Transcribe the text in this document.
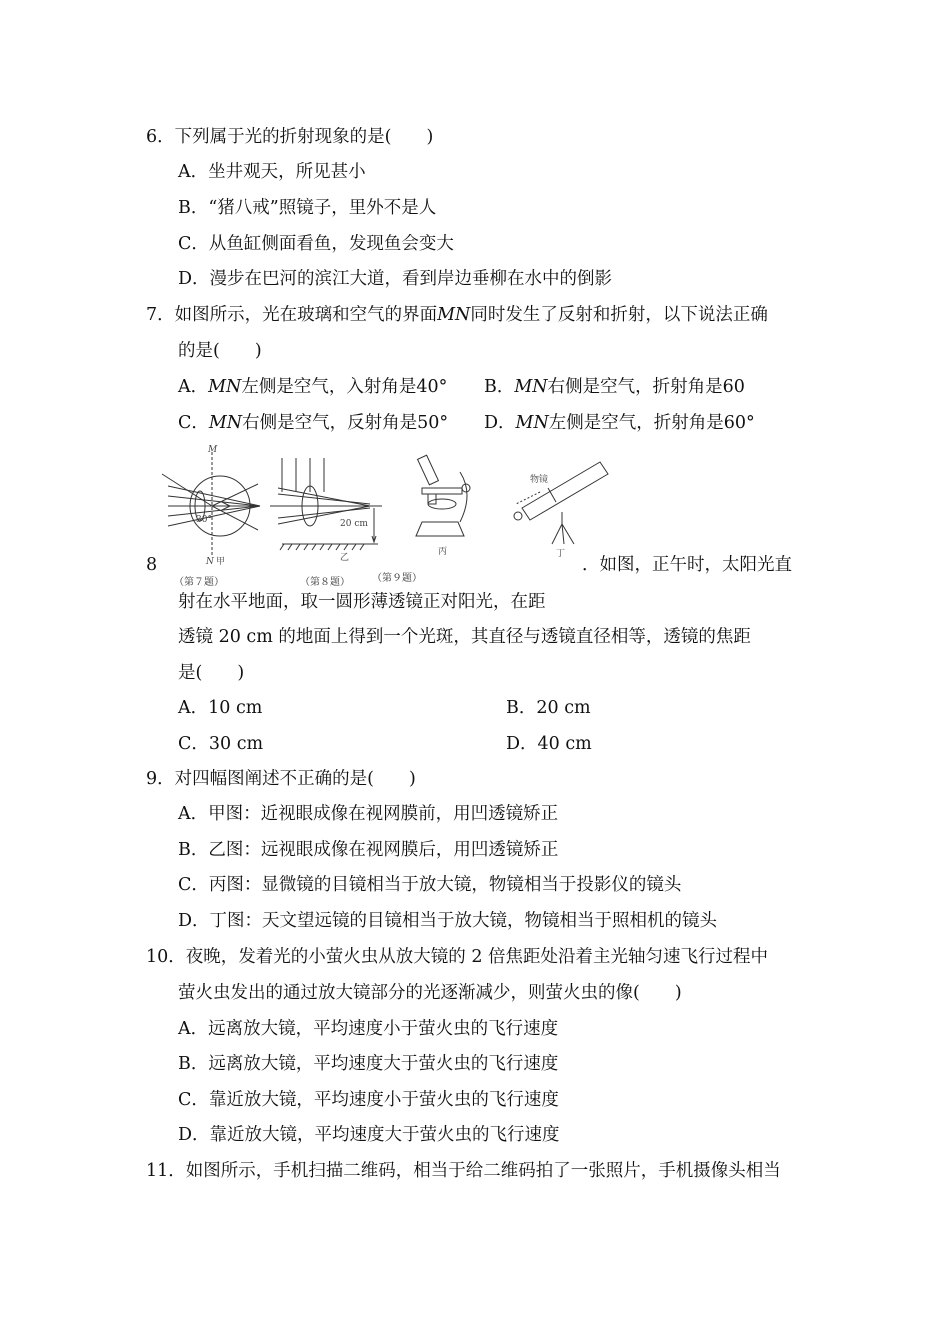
6．下列属于光的折射现象的是(　　)
A．坐井观天，所见甚小
B．“猪八戒”照镜子，里外不是人
C．从鱼缸侧面看鱼，发现鱼会变大
D．漫步在巴河的滨江大道，看到岸边垂柳在水中的倒影
7．如图所示，光在玻璃和空气的界面MN同时发生了反射和折射，以下说法正确
的是(　　)
A．MN左侧是空气，入射角是40° B．MN右侧是空气，折射角是60
C．MN右侧是空气，反射角是50° D．MN左侧是空气，折射角是60°
M
N
30°
甲	乙
20 cm
丙
物镜
丁
（第７题）	（第８题） （第９题）
8	．如图，正午时，太阳光直
射在水平地面，取一圆形薄透镜正对阳光，在距
透镜 20 cm 的地面上得到一个光斑，其直径与透镜直径相等，透镜的焦距
是(　　)
A．10 cm	B．20 cm
C．30 cm	D．40 cm
9．对四幅图阐述不正确的是(　　)
A．甲图：近视眼成像在视网膜前，用凹透镜矫正
B．乙图：远视眼成像在视网膜后，用凹透镜矫正
C．丙图：显微镜的目镜相当于放大镜，物镜相当于投影仪的镜头
D．丁图：天文望远镜的目镜相当于放大镜，物镜相当于照相机的镜头
10．夜晚，发着光的小萤火虫从放大镜的 2 倍焦距处沿着主光轴匀速飞行过程中
萤火虫发出的通过放大镜部分的光逐渐减少，则萤火虫的像(　　)
A．远离放大镜，平均速度小于萤火虫的飞行速度
B．远离放大镜，平均速度大于萤火虫的飞行速度
C．靠近放大镜，平均速度小于萤火虫的飞行速度
D．靠近放大镜，平均速度大于萤火虫的飞行速度
11．如图所示，手机扫描二维码，相当于给二维码拍了一张照片，手机摄像头相当
